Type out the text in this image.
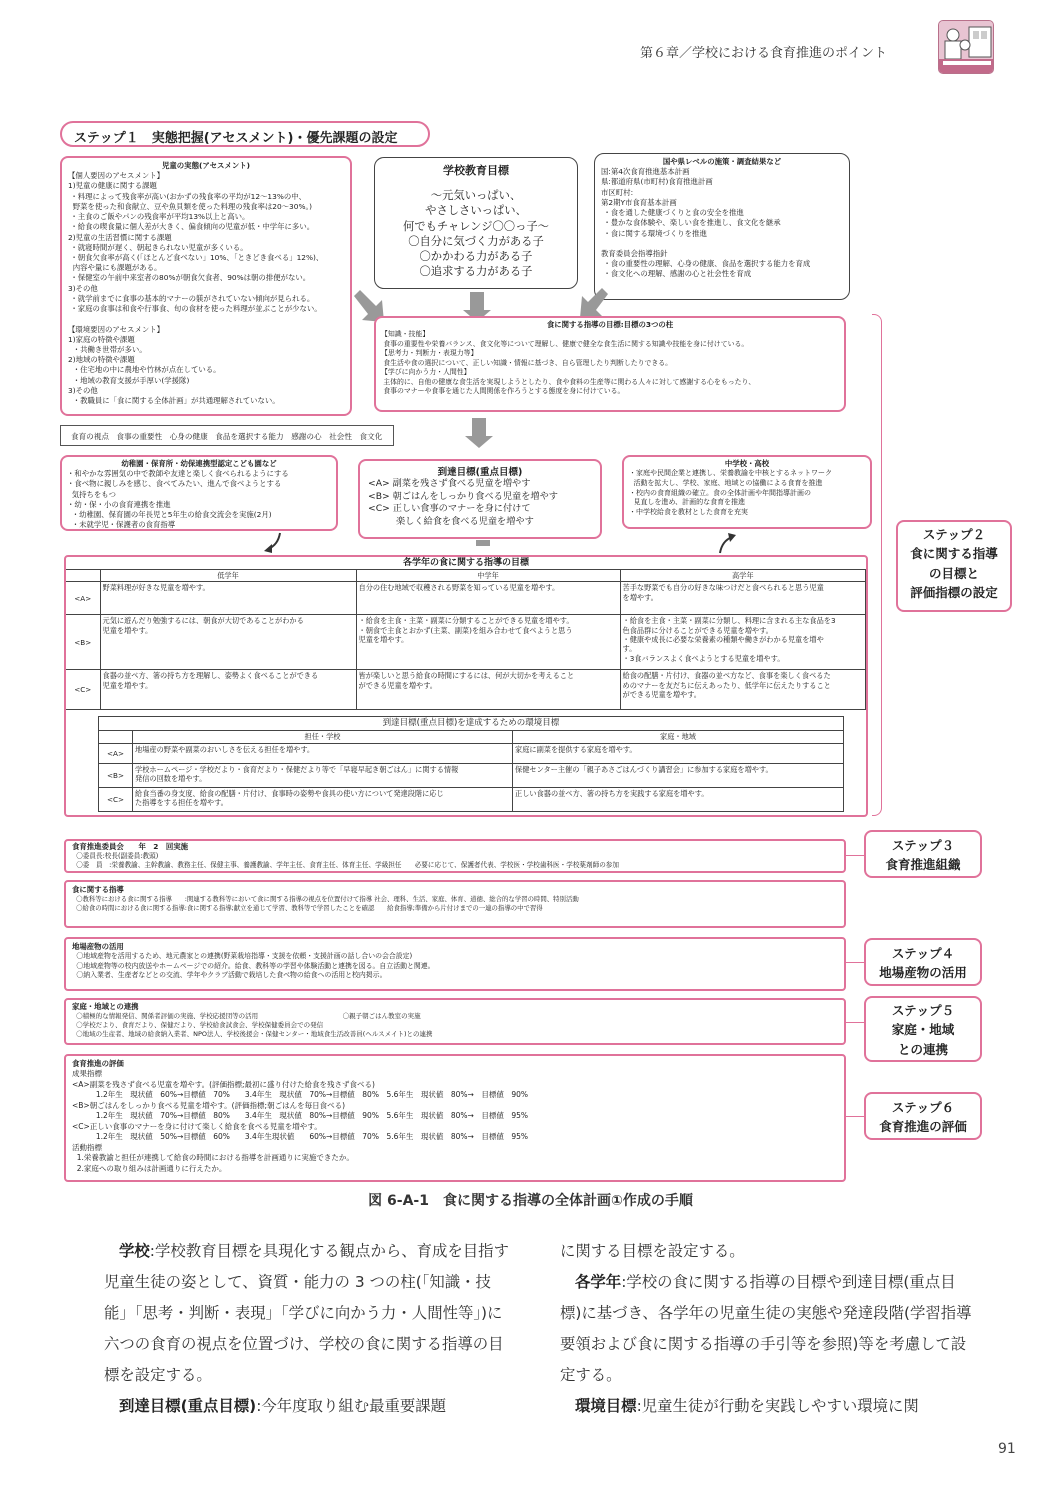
第６章／学校における食育推進のポイント
ステップ１　実態把握(アセスメント)・優先課題の設定
児童の実態(アセスメント)
【個人要因のアセスメント】
1)児童の健康に関する課題
・料理によって残食率が高い(おかずの残食率の平均が12～13%の中、
野菜を使った和食献立、豆や魚貝類を使った料理の残食率は20～30%。)
・主食のご飯やパンの残食率が平均13%以上と高い。
・給食の喫食量に個人差が大きく、偏食傾向の児童が低・中学年に多い。
2)児童の生活習慣に関する課題
・就寝時間が遅く、朝起きられない児童が多くいる。
・朝食欠食率が高く(「ほとんど食べない」10%、「ときどき食べる」12%)、
内容や量にも課題がある。
・保健室の午前中来室者の80%が朝食欠食者、90%は朝の排便がない。
3)その他
・就学前までに食事の基本的マナーの躾がされていない傾向が見られる。
・家庭の食事は和食や行事食、旬の食材を使った料理が並ぶことが少ない。

【環境要因のアセスメント】
1)家庭の特徴や課題
・共働き世帯が多い。
2)地域の特徴や課題
・住宅地の中に農地や竹林が点在している。
・地域の教育支援が手厚い(学援隊)
3)その他
・教職員に「食に関する全体計画」が共通理解されていない。
学校教育目標
～元気いっぱい、
やさしさいっぱい、
何でもチャレンジ〇〇っ子～
〇自分に気づく力がある子
〇かかわる力がある子
〇追求する力がある子
国や県レベルの施策・調査結果など
国:第4次食育推進基本計画
県:都道府県(市町村)食育推進計画
市区町村:
第2期Y市食育基本計画
・食を通した健康づくりと食の安全を推進
・豊かな食体験や、楽しい食を推進し、食文化を継承
・食に関する環境づくりを推進

教育委員会指導指針
・食の重要性の理解、心身の健康、食品を選択する能力を育成
・食文化への理解、感謝の心と社会性を育成
食に関する指導の目標:目標の3つの柱
【知識・技能】
食事の重要性や栄養バランス、食文化等について理解し、健康で健全な食生活に関する知識や技能を身に付けている。
【思考力・判断力・表現力等】
食生活や食の選択について、正しい知識・情報に基づき、自ら管理したり判断したりできる。
【学びに向かう力・人間性】
主体的に、自他の健康な食生活を実現しようとしたり、食や食料の生産等に関わる人々に対して感謝する心をもったり、
食事のマナーや食事を通じた人間関係を作ろうとする態度を身に付けている。
食育の視点　食事の重要性　心身の健康　食品を選択する能力　感謝の心　社会性　食文化
幼稚園・保育所・幼保連携型認定こども園など
・和やかな雰囲気の中で教師や友達と楽しく食べられるようにする
・食べ物に親しみを感じ、食べてみたい、進んで食べようとする
気持ちをもつ
・幼・保・小の食育連携を推進
・幼稚園、保育園の年長児と5年生の給食交流会を実施(2月)
・未就学児・保護者の食育指導
到達目標(重点目標)
<A> 副菜を残さず食べる児童を増やす
<B> 朝ごはんをしっかり食べる児童を増やす
<C> 正しい食事のマナーを身に付けて
楽しく給食を食べる児童を増やす
中学校・高校
・家庭や民間企業と連携し、栄養教諭を中核とするネットワーク
活動を拡大し、学校、家庭、地域との協働による食育を推進
・校内の食育組織の確立。食の全体計画や年間指導計画の
見直しを進め、計画的な食育を推進
・中学校給食を教材とした食育を充実
ステップ２
食に関する指導
の目標と
評価指標の設定
各学年の食に関する指導の目標
	低学年	中学年	高学年
<A>	野菜料理が好きな児童を増やす。	自分の住む地域で収穫される野菜を知っている児童を増やす。	苦手な野菜でも自分の好きな味つけだと食べられると思う児童
を増やす。
<B>	元気に遊んだり勉強するには、朝食が大切であることがわかる
児童を増やす。	・給食を主食・主菜・副菜に分類することができる児童を増やす。
・朝食で主食とおかず(主菜、副菜)を組み合わせて食べようと思う
児童を増やす。	・給食を主食・主菜・副菜に分類し、料理に含まれる主な食品を3
色食品群に分けることができる児童を増やす。
・健康や成長に必要な栄養素の種類や働きがわかる児童を増や
す。
・3食バランスよく食べようとする児童を増やす。
<C>	食器の並べ方、箸の持ち方を理解し、姿勢よく食べることができる
児童を増やす。	皆が楽しいと思う給食の時間にするには、何が大切かを考えること
ができる児童を増やす。	給食の配膳・片付け、食器の並べ方など、食事を楽しく食べるた
めのマナーを友だちに伝えあったり、低学年に伝えたりすること
ができる児童を増やす。
到達目標(重点目標)を達成するための環境目標		
	担任・学校	家庭・地域
<A>	地場産の野菜や副菜のおいしさを伝える担任を増やす。	家庭に副菜を提供する家庭を増やす。
<B>	学校ホームページ・学校だより・食育だより・保健だより等で「早寝早起き朝ごはん」に関する情報
発信の回数を増やす。	保健センター主催の「親子あさごはんづくり講習会」に参加する家庭を増やす。
<C>	給食当番の身支度、給食の配膳・片付け、食事時の姿勢や食具の使い方について発達段階に応じ
た指導をする担任を増やす。	正しい食器の並べ方、箸の持ち方を実践する家庭を増やす。
食育推進委員会　　年　2　回実施
〇委員長:校長(副委員:教頭)
〇委　員　:栄養教諭、主幹教諭、教務主任、保健主事、養護教諭、学年主任、食育主任、体育主任、学級担任　　必要に応じて、保護者代表、学校医・学校歯科医・学校薬剤師の参加
ステップ３
食育推進組織
食に関する指導
〇教科等における食に関する指導　　:関連する教科等において食に関する指導の視点を位置付けて指導 社会、理科、生活、家庭、体育、道徳、総合的な学習の時間、特別活動
〇給食の時間における食に関する指導:食に関する指導;献立を通じて学習、教科等で学習したことを確認　　給食指導;準備から片付けまでの一連の指導の中で習得
地場産物の活用
〇地域産物を活用するため、地元農家との連携(野菜栽培指導・支援を依頼・支援計画の話し合いの会合設定)
〇地域産物等の校内放送やホームページでの紹介。給食、教科等の学習や体験活動と連携を図る。自立活動と関連。
〇納入業者、生産者などとの交流、学年やクラブ活動で栽培した食べ物の給食への活用と校内掲示。
ステップ４
地場産物の活用
家庭・地域との連携
〇積極的な情報発信、関係者評価の実施、学校応援団等の活用　　　　　　　　　　　　　〇親子朝ごはん教室の実施
〇学校だより、食育だより、保健だより、学校給食試食会、学校保健委員会での発信
〇地域の生産者、地域の給食納入業者、NPO法人、学校後援会・保健センター・地域食生活改善員(ヘルスメイト)との連携
ステップ５
家庭・地域
との連携
食育推進の評価
成果指標
<A>副菜を残さず食べる児童を増やす。(評価指標;最初に盛り付けた給食を残さず食べる)
1.2年生　現状値　60%→目標値　70%　　3.4年生　現状値　70%→目標値　80%　5.6年生　現状値　80%→　目標値　90%
<B>朝ごはんをしっかり食べる児童を増やす。(評価指標;朝ごはんを毎日食べる)
1.2年生　現状値　70%→目標値　80%　　3.4年生　現状値　80%→目標値　90%　5.6年生　現状値　80%→　目標値　95%
<C>正しい食事のマナーを身に付けて楽しく給食を食べる児童を増やす。
1.2年生　現状値　50%→目標値　60%　　3.4年生現状値　　60%→目標値　70%　5.6年生　現状値　80%→　目標値　95%
活動指標
1.栄養教諭と担任が連携して給食の時間における指導を計画通りに実施できたか。
2.家庭への取り組みは計画通りに行えたか。
ステップ６
食育推進の評価
図 6-A-1　食に関する指導の全体計画①作成の手順

学校:学校教育目標を具現化する観点から、育成を目指す児童生徒の姿として、資質・能力の 3 つの柱(「知識・技能」「思考・判断・表現」「学びに向かう力・人間性等」)に六つの食育の視点を位置づけ、学校の食に関する指導の目標を設定する。

到達目標(重点目標):今年度取り組む最重要課題

に関する目標を設定する。

各学年:学校の食に関する指導の目標や到達目標(重点目標)に基づき、各学年の児童生徒の実態や発達段階(学習指導要領および食に関する指導の手引等を参照)等を考慮して設定する。

環境目標:児童生徒が行動を実践しやすい環境に関

91
